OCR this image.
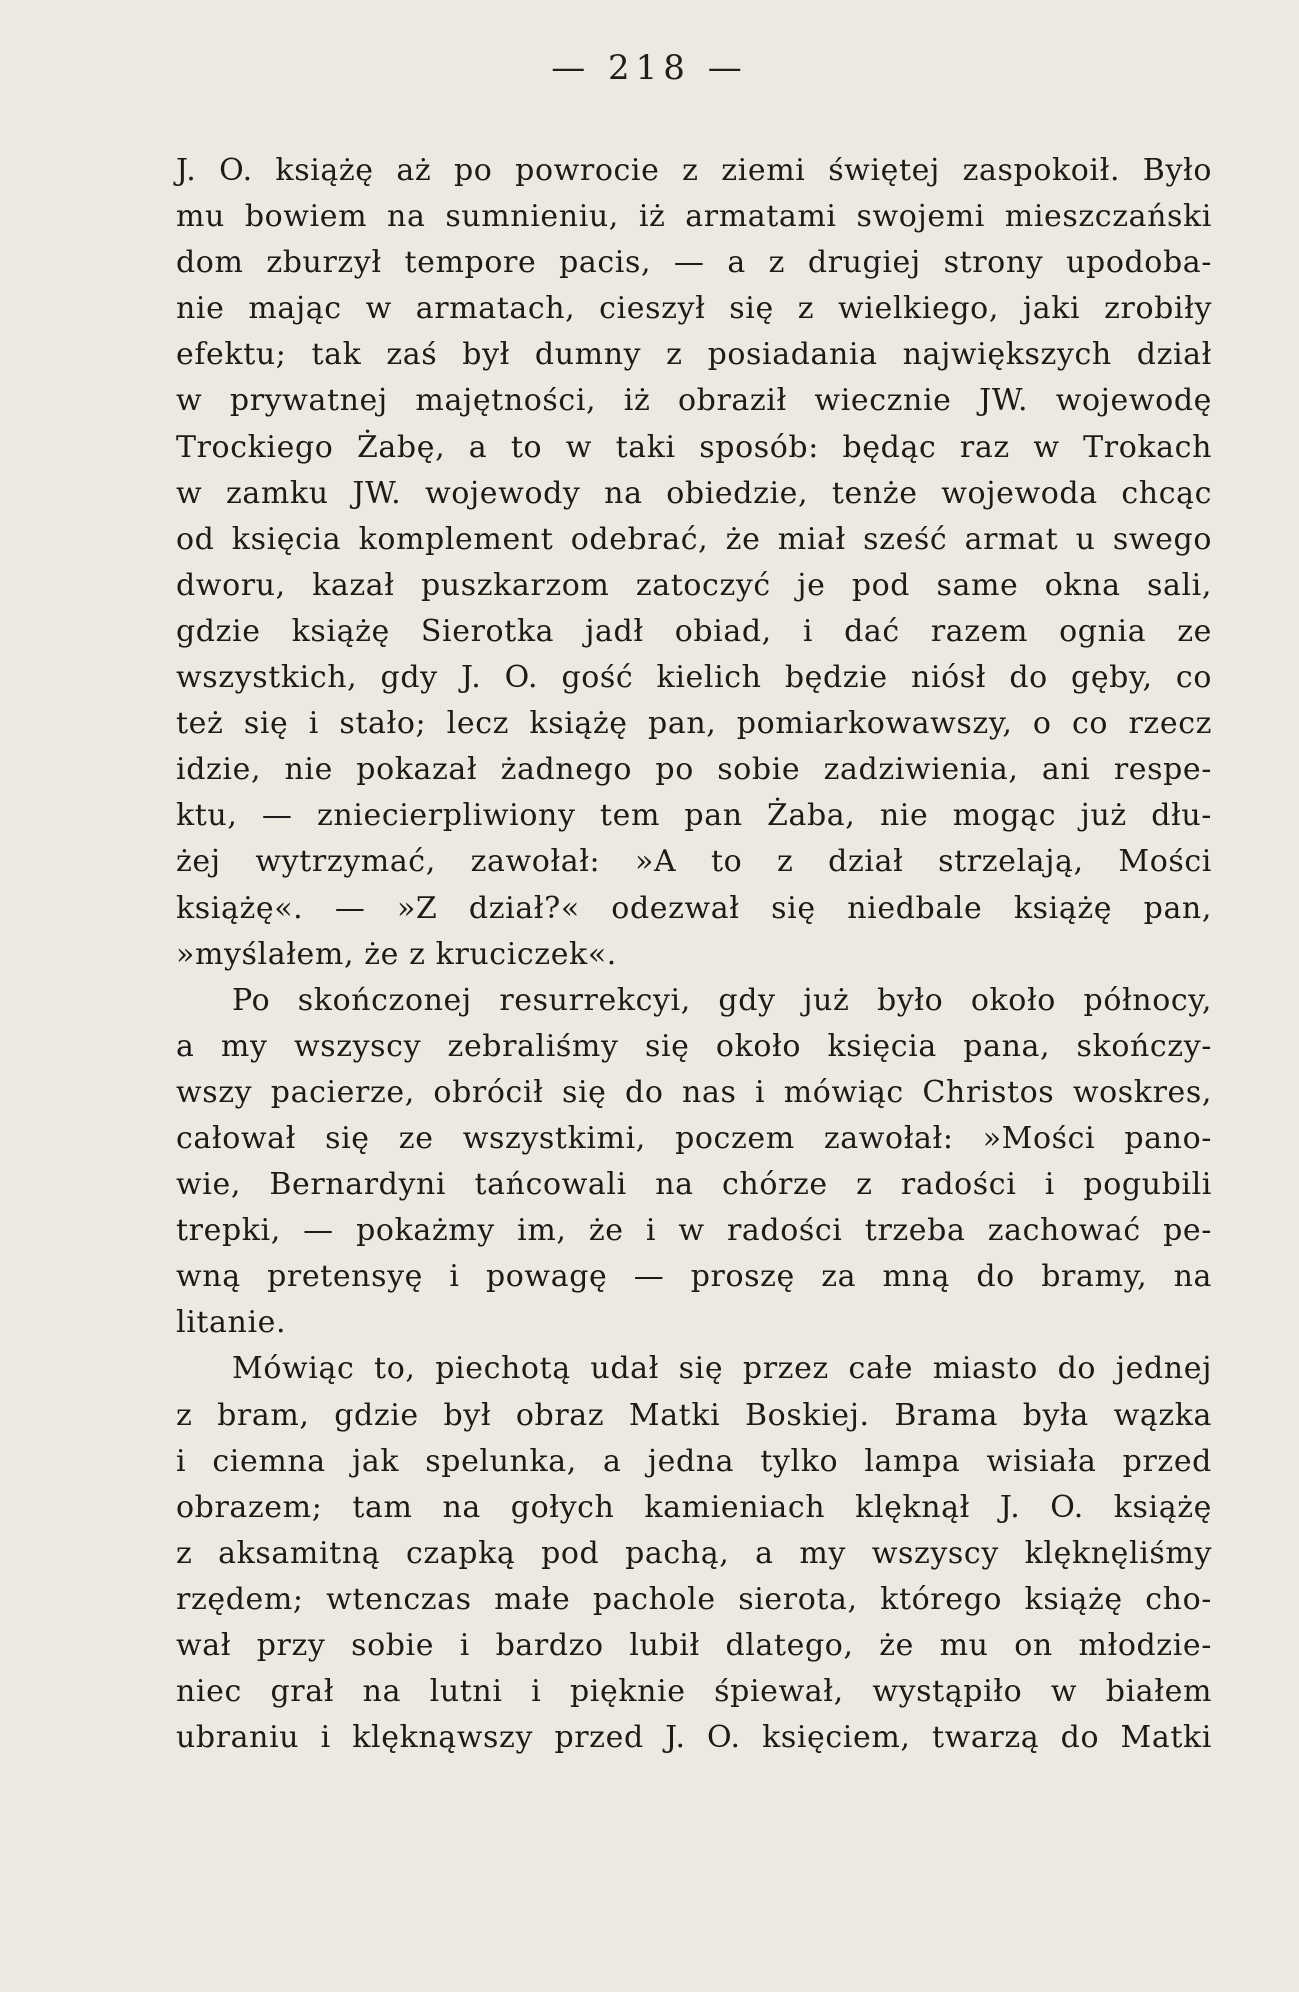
— 218 —
J. O. książę aż po powrocie z ziemi świętej zaspokoił. Było
mu bowiem na sumnieniu, iż armatami swojemi mieszczański
dom zburzył tempore pacis, — a z drugiej strony upodoba-
nie mając w armatach, cieszył się z wielkiego, jaki zrobiły
efektu; tak zaś był dumny z posiadania największych dział
w prywatnej majętności, iż obraził wiecznie JW. wojewodę
Trockiego Żabę, a to w taki sposób: będąc raz w Trokach
w zamku JW. wojewody na obiedzie, tenże wojewoda chcąc
od księcia komplement odebrać, że miał sześć armat u swego
dworu, kazał puszkarzom zatoczyć je pod same okna sali,
gdzie książę Sierotka jadł obiad, i dać razem ognia ze
wszystkich, gdy J. O. gość kielich będzie niósł do gęby, co
też się i stało; lecz książę pan, pomiarkowawszy, o co rzecz
idzie, nie pokazał żadnego po sobie zadziwienia, ani respe-
ktu, — zniecierpliwiony tem pan Żaba, nie mogąc już dłu-
żej wytrzymać, zawołał: »A to z dział strzelają, Mości
książę«. — »Z dział?« odezwał się niedbale książę pan,
»myślałem, że z kruciczek«.
Po skończonej resurrekcyi, gdy już było około północy,
a my wszyscy zebraliśmy się około księcia pana, skończy-
wszy pacierze, obrócił się do nas i mówiąc Christos woskres,
całował się ze wszystkimi, poczem zawołał: »Mości pano-
wie, Bernardyni tańcowali na chórze z radości i pogubili
trepki, — pokażmy im, że i w radości trzeba zachować pe-
wną pretensyę i powagę — proszę za mną do bramy, na
litanie.
Mówiąc to, piechotą udał się przez całe miasto do jednej
z bram, gdzie był obraz Matki Boskiej. Brama była wązka
i ciemna jak spelunka, a jedna tylko lampa wisiała przed
obrazem; tam na gołych kamieniach klęknął J. O. książę
z aksamitną czapką pod pachą, a my wszyscy klęknęliśmy
rzędem; wtenczas małe pachole sierota, którego książę cho-
wał przy sobie i bardzo lubił dlatego, że mu on młodzie-
niec grał na lutni i pięknie śpiewał, wystąpiło w białem
ubraniu i klęknąwszy przed J. O. księciem, twarzą do Matki
